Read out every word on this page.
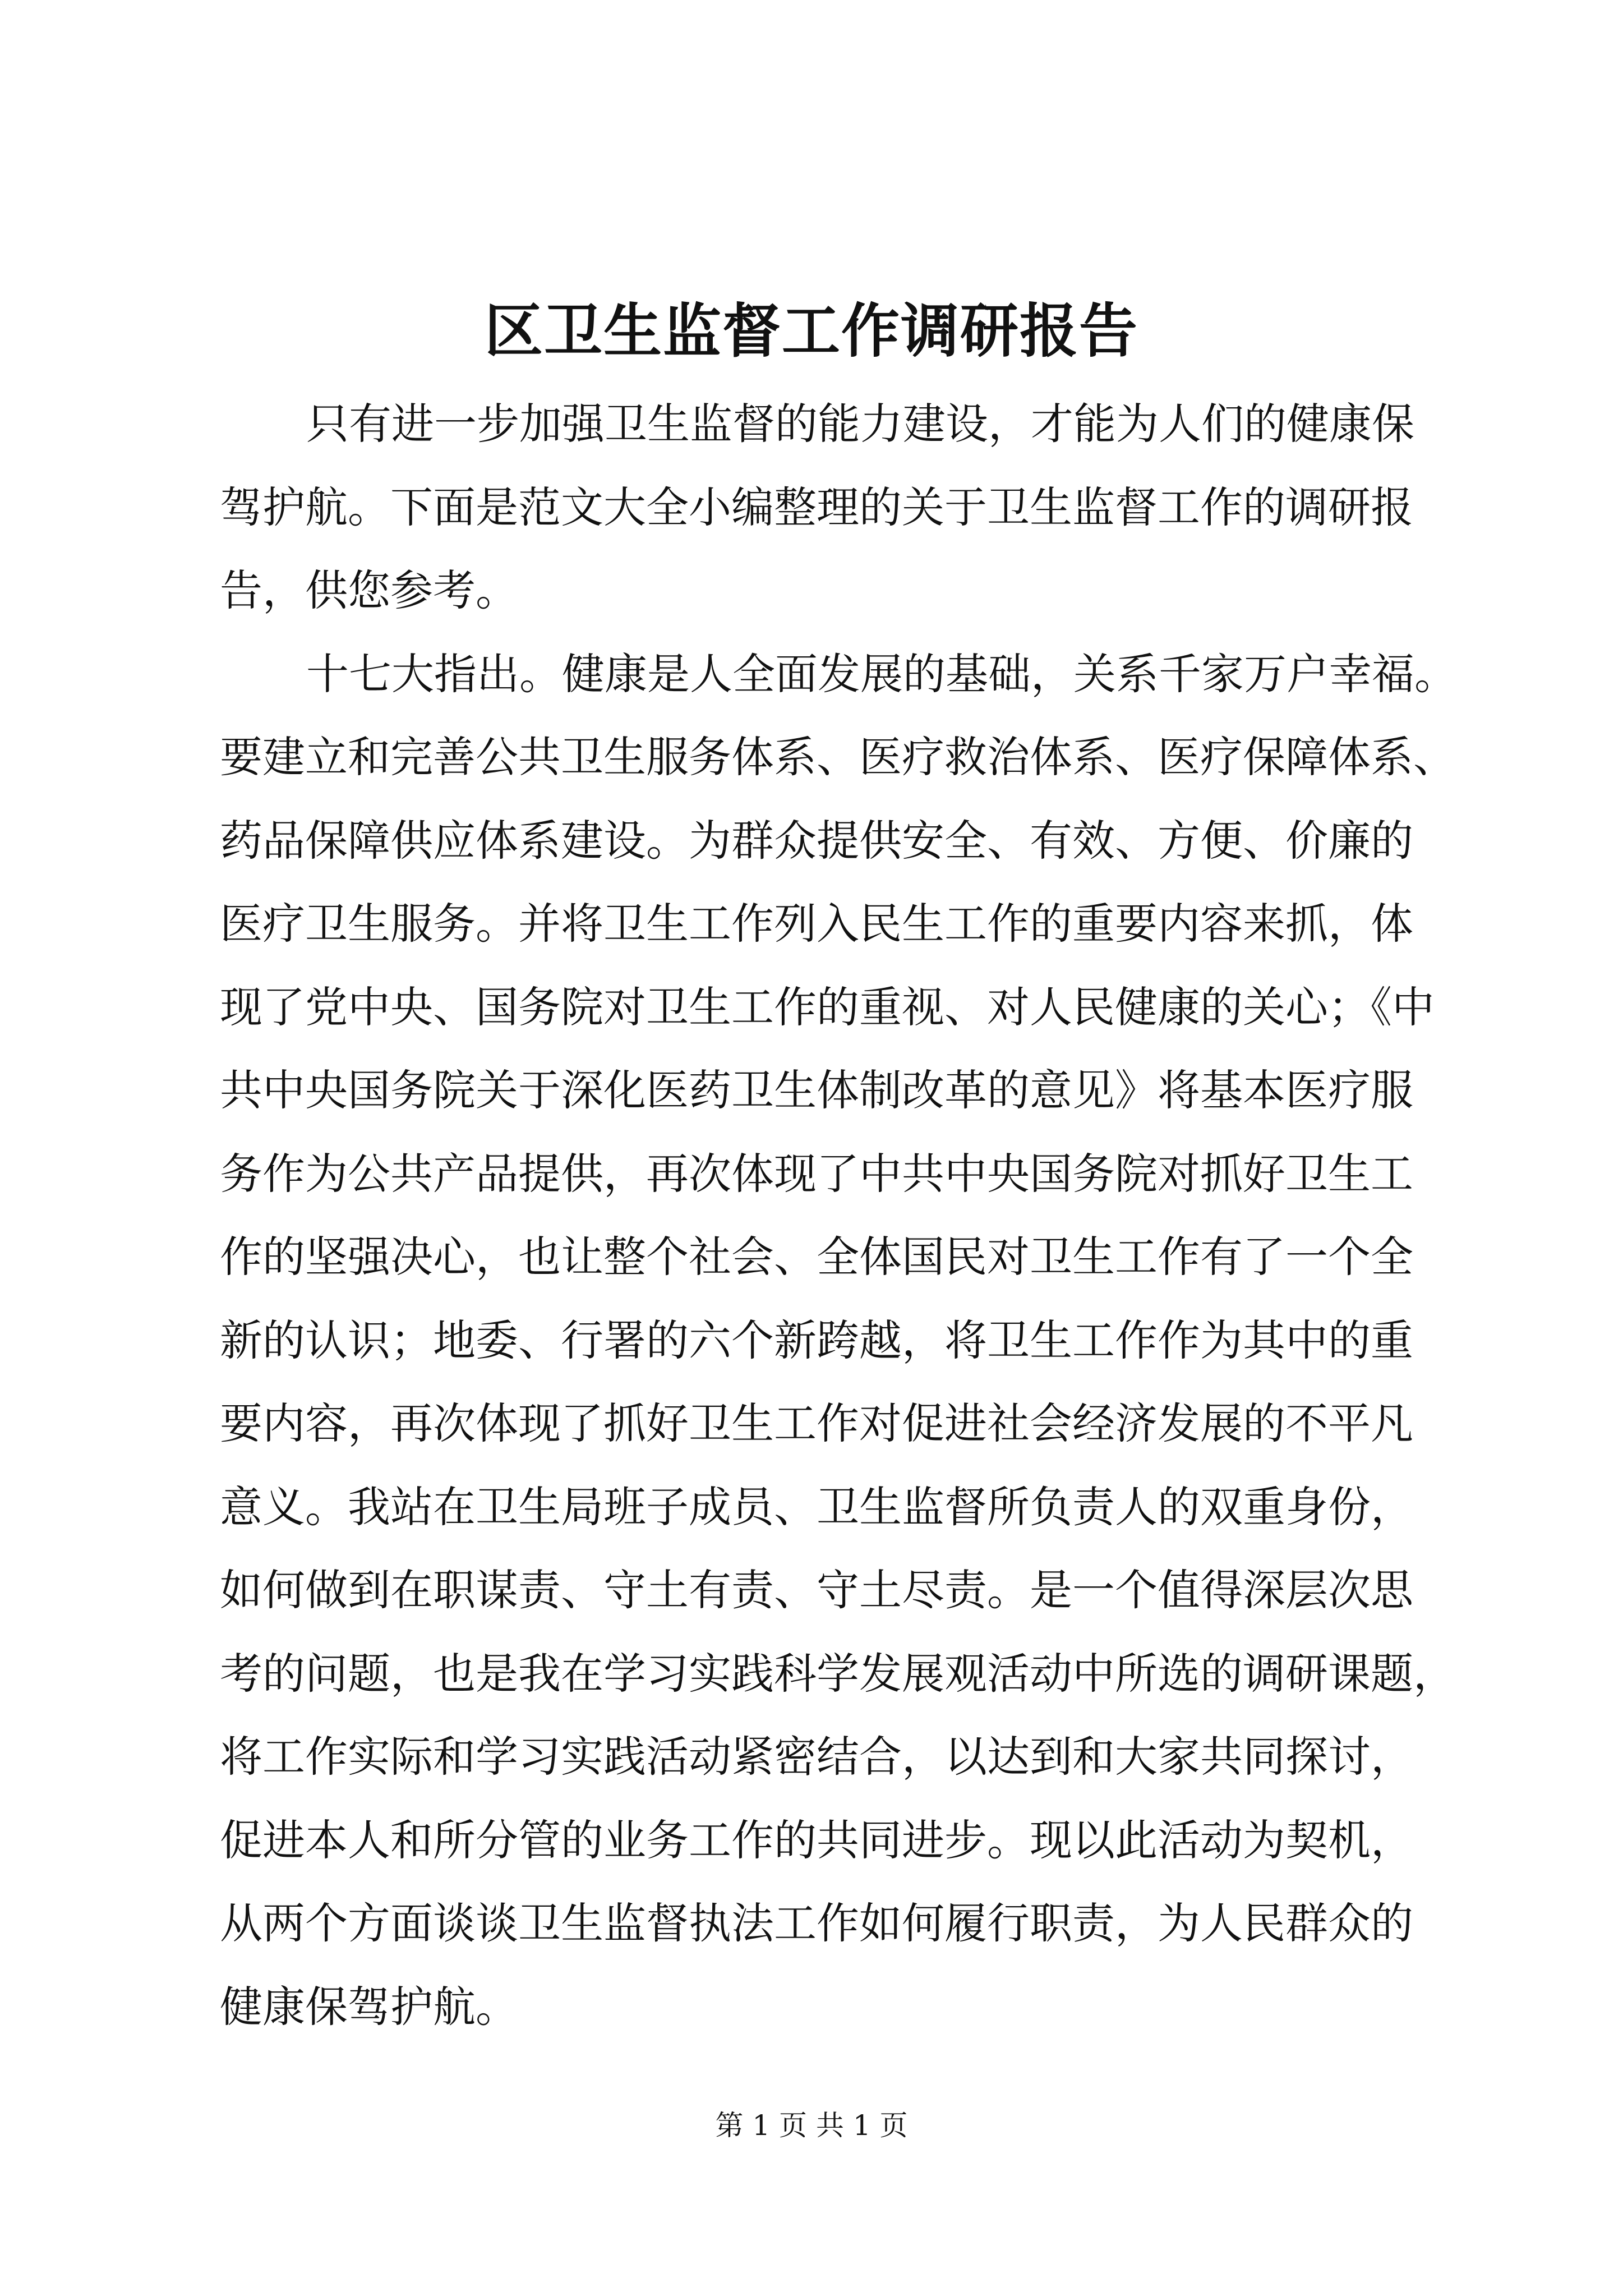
区卫生监督工作调研报告
只有进一步加强卫生监督的能力建设，才能为人们的健康保
驾护航。下面是范文大全小编整理的关于卫生监督工作的调研报
告，供您参考。
十七大指出。健康是人全面发展的基础，关系千家万户幸福。
要建立和完善公共卫生服务体系、医疗救治体系、医疗保障体系、
药品保障供应体系建设。为群众提供安全、有效、方便、价廉的
医疗卫生服务。并将卫生工作列入民生工作的重要内容来抓，体
现了党中央、国务院对卫生工作的重视、对人民健康的关心；《中
共中央国务院关于深化医药卫生体制改革的意见》将基本医疗服
务作为公共产品提供，再次体现了中共中央国务院对抓好卫生工
作的坚强决心，也让整个社会、全体国民对卫生工作有了一个全
新的认识；地委、行署的六个新跨越，将卫生工作作为其中的重
要内容，再次体现了抓好卫生工作对促进社会经济发展的不平凡
意义。我站在卫生局班子成员、卫生监督所负责人的双重身份，
如何做到在职谋责、守土有责、守土尽责。是一个值得深层次思
考的问题，也是我在学习实践科学发展观活动中所选的调研课题，
将工作实际和学习实践活动紧密结合，以达到和大家共同探讨，
促进本人和所分管的业务工作的共同进步。现以此活动为契机，
从两个方面谈谈卫生监督执法工作如何履行职责，为人民群众的
健康保驾护航。
第 1 页 共 1 页
